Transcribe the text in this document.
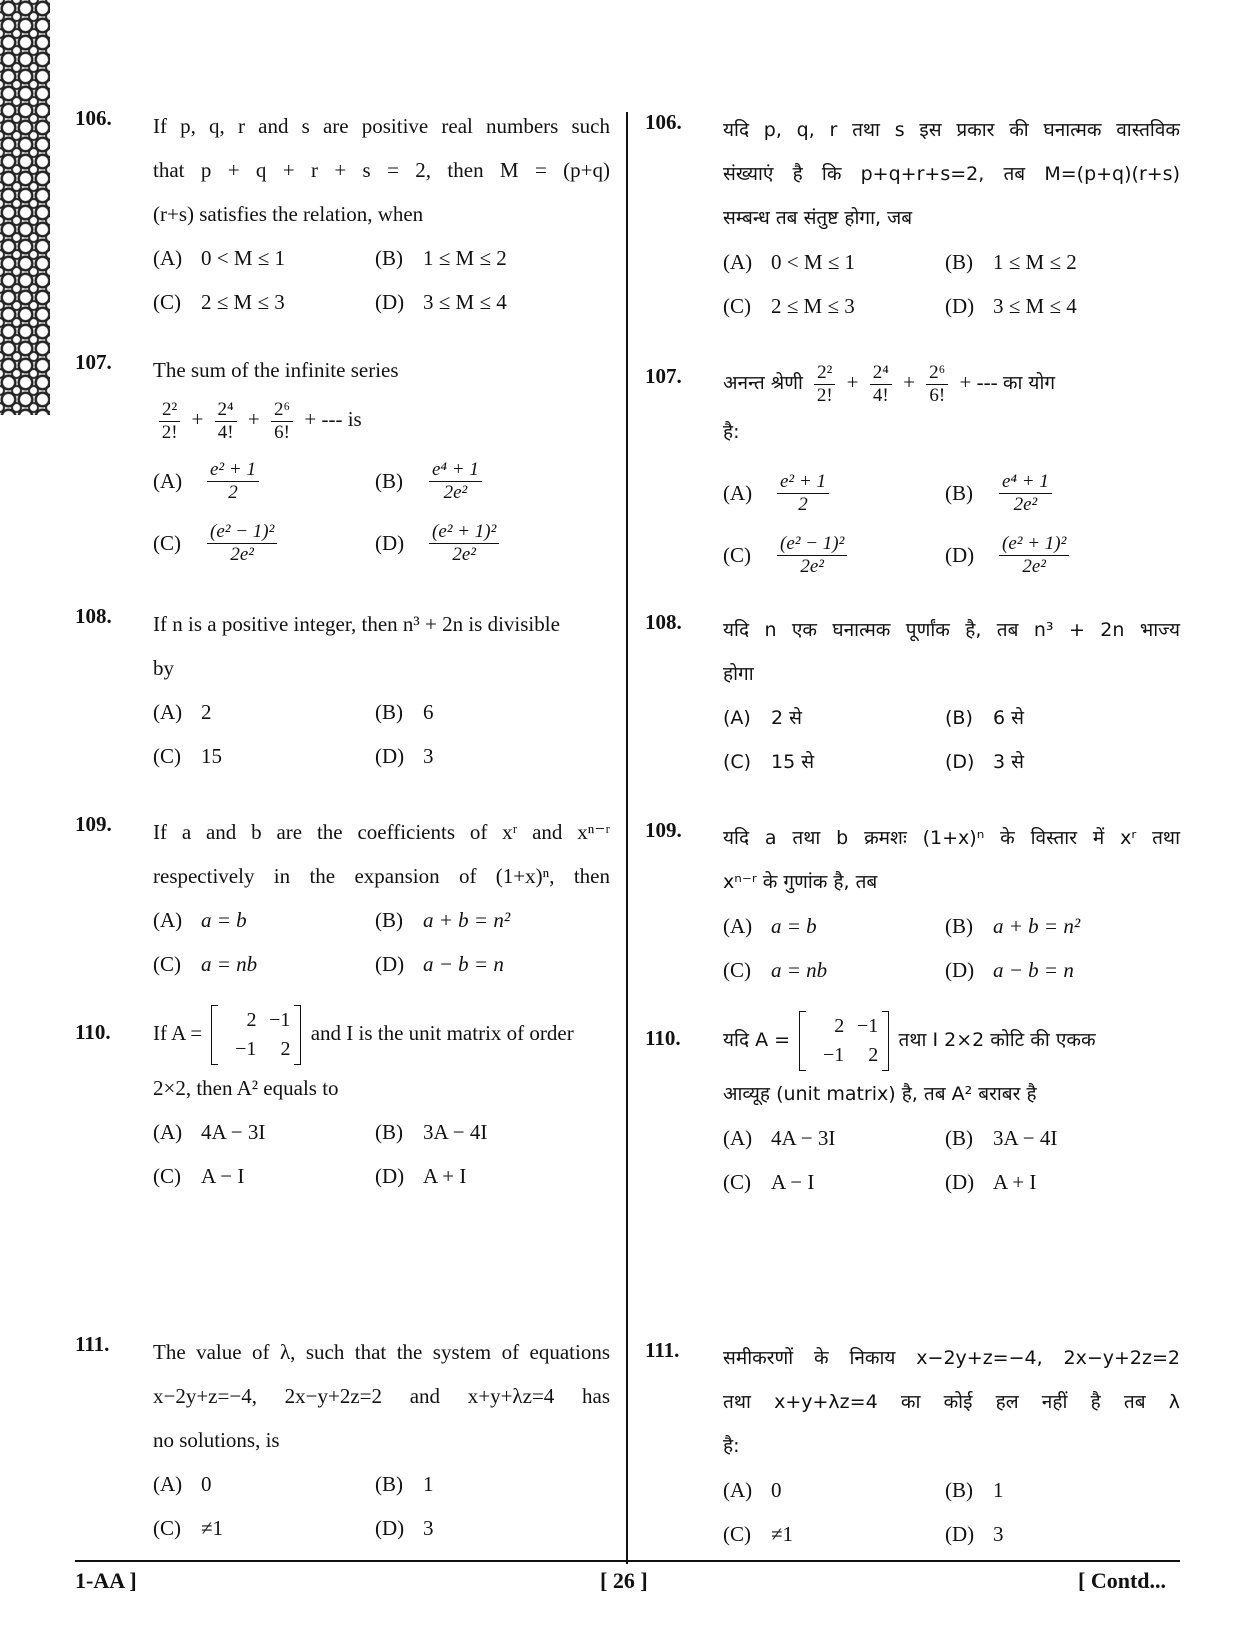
106. If p, q, r and s are positive real numbers such
that p + q + r + s = 2, then M = (p+q)
(r+s) satisfies the relation, when
(A) 0 < M ≤ 1	(B) 1 ≤ M ≤ 2
(C) 2 ≤ M ≤ 3	(D) 3 ≤ M ≤ 4
107. The sum of the infinite series
$\frac{\text{2²}}{2!} + \frac{\text{2⁴}}{4!} + \frac{\text{2⁶}}{6!}$ + --- is
(A)	$\frac{\text{e² + 1}}{2}$	(B)	$\frac{\text{e⁴ + 1}}{\text{2e²}}$
(C)	$\frac{\text{(e² − 1)²}}{\text{2e²}}$	(D)	$\frac{\text{(e² + 1)²}}{\text{2e²}}$
108. If n is a positive integer, then n³ + 2n is divisible
by
(A) 2	(B) 6
(C) 15	(D) 3
109. If a and b are the coefficients of xʳ and xⁿ⁻ʳ
respectively in the expansion of (1+x)ⁿ, then
(A) a = b	(B) a + b = n²
(C) a = nb	(D) a − b = n
110. If A =
2 −1
−1	2
and I is the unit matrix of order
2×2, then A² equals to
(A) 4A − 3I	(B) 3A − 4I
(C) A − I	(D) A + I
111. The value of λ, such that the system of equations
x−2y+z=−4, 2x−y+2z=2 and x+y+λz=4 has
no solutions, is
(A) 0	(B) 1
(C) ≠1	(D) 3
106. यदि p, q, r तथा s इस प्रकार की घनात्मक वास्तविक
संख्याएं है कि p+q+r+s=2, तब M=(p+q)(r+s)
सम्बन्ध तब संतुष्ट होगा, जब
(A) 0 < M ≤ 1	(B) 1 ≤ M ≤ 2
(C) 2 ≤ M ≤ 3	(D) 3 ≤ M ≤ 4
107. अनन्त श्रेणी $\frac{\text{2²}}{2!} + \frac{\text{2⁴}}{4!} + \frac{\text{2⁶}}{6!}$ + --- का योग
है:
(A)	$\frac{\text{e² + 1}}{2}$	(B)	$\frac{\text{e⁴ + 1}}{\text{2e²}}$
(C)	$\frac{\text{(e² − 1)²}}{\text{2e²}}$	(D)	$\frac{\text{(e² + 1)²}}{\text{2e²}}$
108. यदि n एक घनात्मक पूर्णांक है, तब n³ + 2n भाज्य
होगा
(A) 2 से	(B) 6 से
(C) 15 से	(D) 3 से
109. यदि a तथा b क्रमशः (1+x)ⁿ के विस्तार में xʳ तथा
xⁿ⁻ʳ के गुणांक है, तब
(A) a = b	(B) a + b = n²
(C) a = nb	(D) a − b = n
110. यदि A =
2 −1
−1	2
तथा I 2×2 कोटि की एकक
आव्यूह (unit matrix) है, तब A² बराबर है
(A) 4A − 3I	(B) 3A − 4I
(C) A − I	(D) A + I
111. समीकरणों के निकाय x−2y+z=−4, 2x−y+2z=2
तथा x+y+λz=4 का कोई हल नहीं है तब λ
है:
(A) 0	(B) 1
(C) ≠1	(D) 3
1-AA ]	[ 26 ]	[ Contd...
